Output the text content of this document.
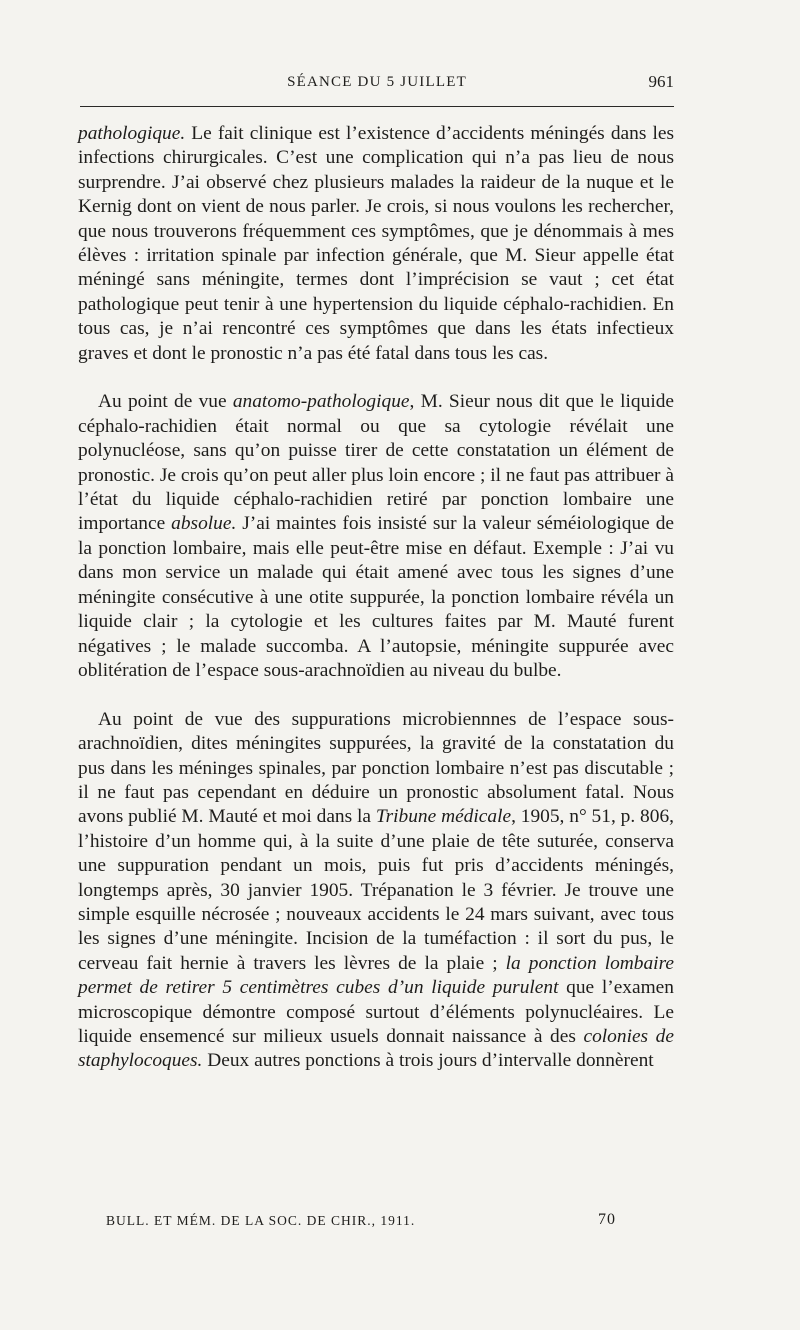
SÉANCE DU 5 JUILLET	961

pathologique. Le fait clinique est l’existence d’accidents méningés dans les infections chirurgicales. C’est une complication qui n’a pas lieu de nous surprendre. J’ai observé chez plusieurs malades la raideur de la nuque et le Kernig dont on vient de nous parler. Je crois, si nous voulons les rechercher, que nous trouverons fréquemment ces symptômes, que je dénommais à mes élèves : irritation spinale par infection générale, que M. Sieur appelle état méningé sans méningite, termes dont l’imprécision se vaut ; cet état pathologique peut tenir à une hypertension du liquide céphalo-rachidien. En tous cas, je n’ai rencontré ces symptômes que dans les états infectieux graves et dont le pronostic n’a pas été fatal dans tous les cas.

Au point de vue anatomo-pathologique, M. Sieur nous dit que le liquide céphalo-rachidien était normal ou que sa cytologie révélait une polynucléose, sans qu’on puisse tirer de cette constatation un élément de pronostic. Je crois qu’on peut aller plus loin encore ; il ne faut pas attribuer à l’état du liquide céphalo-rachidien retiré par ponction lombaire une importance absolue. J’ai maintes fois insisté sur la valeur séméiologique de la ponction lombaire, mais elle peut-être mise en défaut. Exemple : J’ai vu dans mon service un malade qui était amené avec tous les signes d’une méningite consécutive à une otite suppurée, la ponction lombaire révéla un liquide clair ; la cytologie et les cultures faites par M. Mauté furent négatives ; le malade succomba. A l’autopsie, méningite suppurée avec oblitération de l’espace sous-arachnoïdien au niveau du bulbe.

Au point de vue des suppurations microbiennnes de l’espace sous-arachnoïdien, dites méningites suppurées, la gravité de la constatation du pus dans les méninges spinales, par ponction lombaire n’est pas discutable ; il ne faut pas cependant en déduire un pronostic absolument fatal. Nous avons publié M. Mauté et moi dans la Tribune médicale, 1905, n° 51, p. 806, l’histoire d’un homme qui, à la suite d’une plaie de tête suturée, conserva une suppuration pendant un mois, puis fut pris d’accidents méningés, longtemps après, 30 janvier 1905. Trépanation le 3 février. Je trouve une simple esquille nécrosée ; nouveaux accidents le 24 mars suivant, avec tous les signes d’une méningite. Incision de la tuméfaction : il sort du pus, le cerveau fait hernie à travers les lèvres de la plaie ; la ponction lombaire permet de retirer 5 centimètres cubes d’un liquide purulent que l’examen microscopique démontre composé surtout d’éléments polynucléaires. Le liquide ensemencé sur milieux usuels donnait naissance à des colonies de staphylocoques. Deux autres ponctions à trois jours d’intervalle donnèrent

BULL. ET MÉM. DE LA SOC. DE CHIR., 1911.	70
